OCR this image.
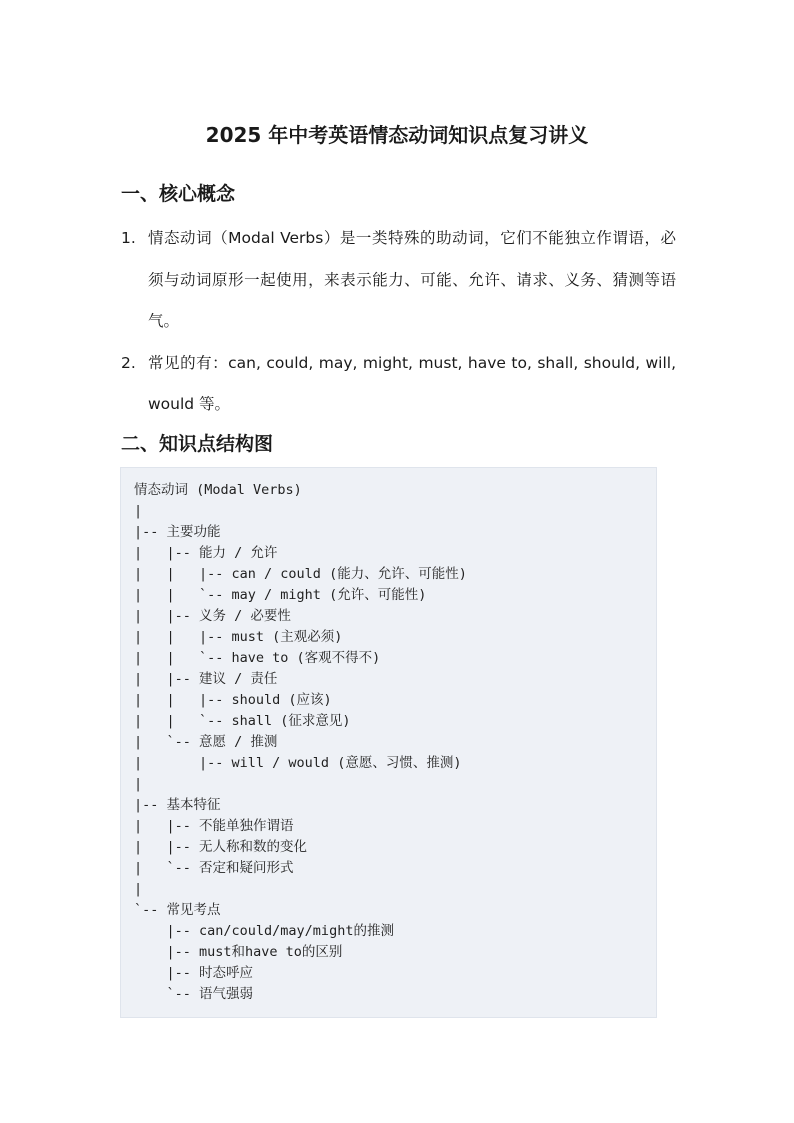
2025 年中考英语情态动词知识点复习讲义
一、核心概念
1. 情态动词（Modal Verbs）是一类特殊的助动词，它们不能独立作谓语，必须与动词原形一起使用，来表示能力、可能、允许、请求、义务、猜测等语气。
2. 常见的有：can, could, may, might, must, have to, shall, should, will, would 等。
二、知识点结构图
情态动词 (Modal Verbs)
|
|-- 主要功能
|   |-- 能力 / 允许
|   |   |-- can / could (能力、允许、可能性)
|   |   `-- may / might (允许、可能性)
|   |-- 义务 / 必要性
|   |   |-- must (主观必须)
|   |   `-- have to (客观不得不)
|   |-- 建议 / 责任
|   |   |-- should (应该)
|   |   `-- shall (征求意见)
|   `-- 意愿 / 推测
|       |-- will / would (意愿、习惯、推测)
|
|-- 基本特征
|   |-- 不能单独作谓语
|   |-- 无人称和数的变化
|   `-- 否定和疑问形式
|
`-- 常见考点
|-- can/could/may/might的推测
|-- must和have to的区别
|-- 时态呼应
`-- 语气强弱
